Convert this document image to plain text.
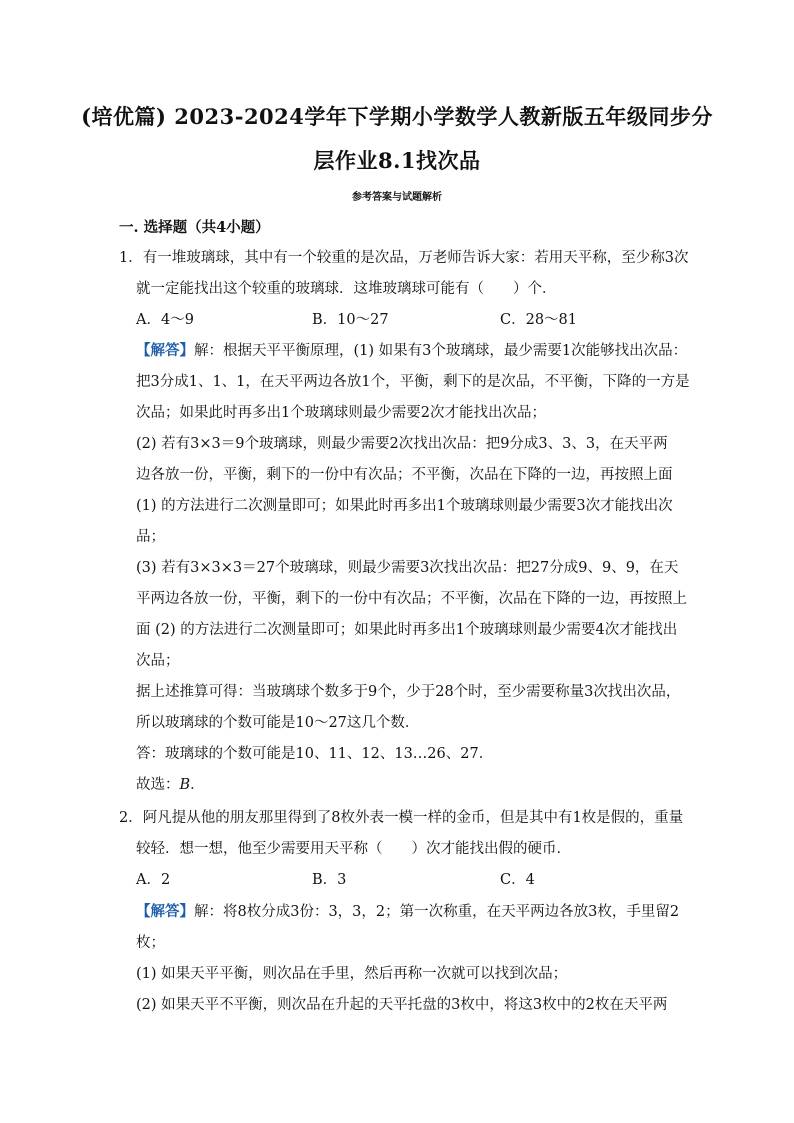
(培优篇) 2023-2024学年下学期小学数学人教新版五年级同步分
层作业8.1找次品
参考答案与试题解析
一. 选择题（共4小题）
1．有一堆玻璃球，其中有一个较重的是次品，万老师告诉大家：若用天平称，至少称3次
就一定能找出这个较重的玻璃球．这堆玻璃球可能有（　　）个．
A．4～9	B．10～27	C．28～81
【解答】解：根据天平平衡原理，(1) 如果有3个玻璃球，最少需要1次能够找出次品：
把3分成1、1、1，在天平两边各放1个，平衡，剩下的是次品，不平衡，下降的一方是
次品；如果此时再多出1个玻璃球则最少需要2次才能找出次品；
(2) 若有3×3＝9个玻璃球，则最少需要2次找出次品：把9分成3、3、3，在天平两
边各放一份，平衡，剩下的一份中有次品；不平衡，次品在下降的一边，再按照上面
(1) 的方法进行二次测量即可；如果此时再多出1个玻璃球则最少需要3次才能找出次
品；
(3) 若有3×3×3＝27个玻璃球，则最少需要3次找出次品：把27分成9、9、9，在天
平两边各放一份，平衡，剩下的一份中有次品；不平衡，次品在下降的一边，再按照上
面 (2) 的方法进行二次测量即可；如果此时再多出1个玻璃球则最少需要4次才能找出
次品；
据上述推算可得：当玻璃球个数多于9个，少于28个时，至少需要称量3次找出次品，
所以玻璃球的个数可能是10～27这几个数．
答：玻璃球的个数可能是10、11、12、13…26、27．
故选：B．
2．阿凡提从他的朋友那里得到了8枚外表一模一样的金币，但是其中有1枚是假的，重量
较轻．想一想，他至少需要用天平称（　　）次才能找出假的硬币．
A．2	B．3	C．4
【解答】解：将8枚分成3份：3，3，2；第一次称重，在天平两边各放3枚，手里留2
枚；
(1) 如果天平平衡，则次品在手里，然后再称一次就可以找到次品；
(2) 如果天平不平衡，则次品在升起的天平托盘的3枚中，将这3枚中的2枚在天平两
